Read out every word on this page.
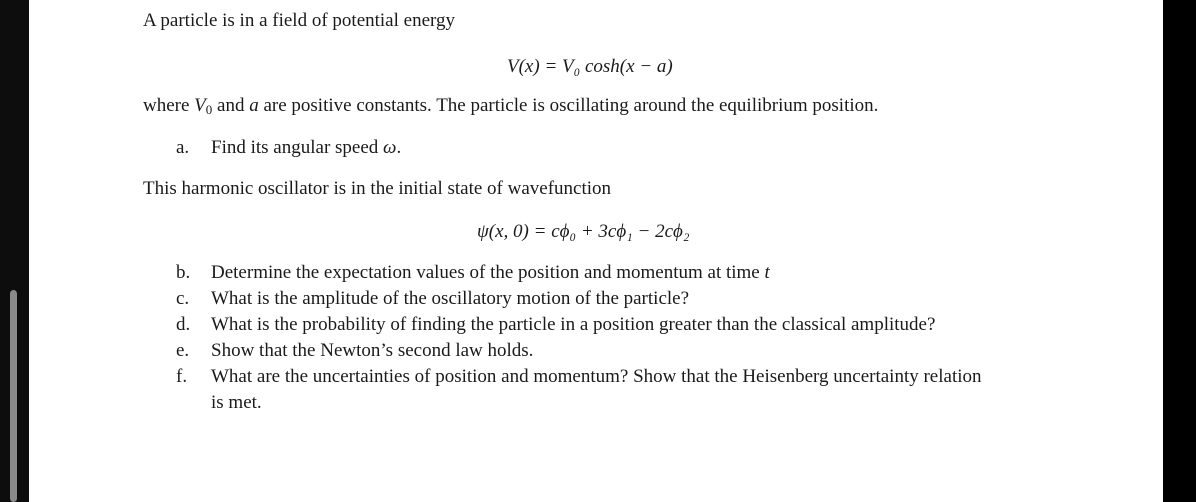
A particle is in a field of potential energy
V(x) = V₀ cosh(x − a)
where $V_0$ and a are positive constants. The particle is oscillating around the equilibrium position.
a. Find its angular speed ω.
This harmonic oscillator is in the initial state of wavefunction
ψ(x, 0) = cϕ₀ + 3cϕ₁ − 2cϕ₂
b. Determine the expectation values of the position and momentum at time t
c. What is the amplitude of the oscillatory motion of the particle?
d. What is the probability of finding the particle in a position greater than the classical amplitude?
e. Show that the Newton’s second law holds.
f. What are the uncertainties of position and momentum? Show that the Heisenberg uncertainty relation
is met.
